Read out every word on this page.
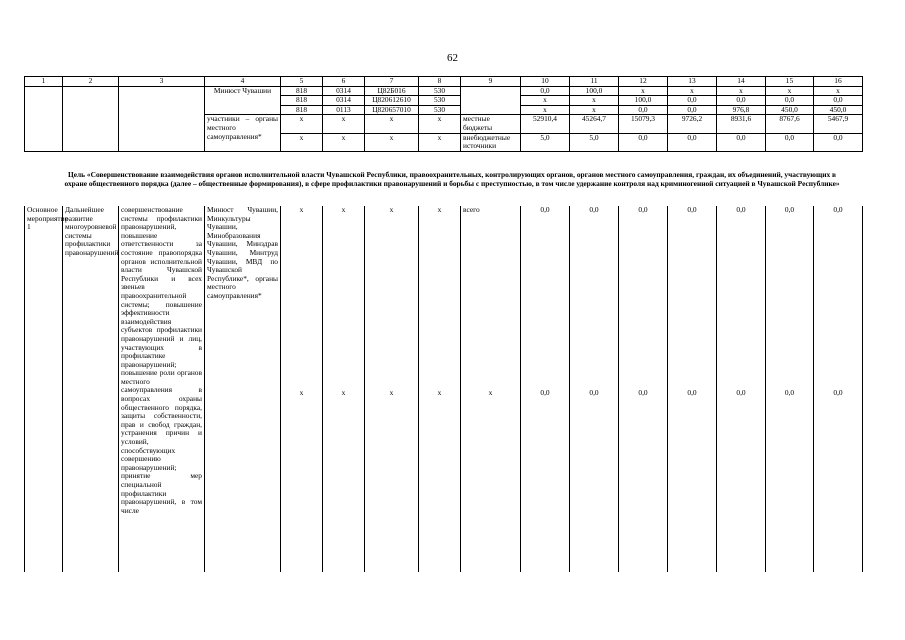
62
1	2	3	4	5	6	7	8	9	10	11	12	13	14	15	16
			Минюст Чувашии	818	0314	Ц82Б016	530		0,0	100,0	x	x	x	x	x
				818	0314	Ц820612610	530		x	x	100,0	0,0	0,0	0,0	0,0
				818	0113	Ц820657010	530		x	x	0,0	0,0	976,8	450,0	450,0
			участники – органы местного самоуправления*	x	x	x	x	местные бюджеты	52910,4	45264,7	15079,3	9726,2	8931,6	8767,6	5467,9
				x	x	x	x	внебюджетные источники	5,0	5,0	0,0	0,0	0,0	0,0	0,0
Цель «Совершенствование взаимодействия органов исполнительной власти Чувашской Республики, правоохранительных, контролирующих органов, органов местного самоуправления, граждан, их объединений, участвующих в охране общественного порядка (далее – общественные формирования), в сфере профилактики правонарушений и борьбы с преступностью, в том числе удержание контроля над криминогенной ситуацией в Чувашской Республике»
Основное мероприятие 1	Дальнейшее развитие многоуровневой системы профилактики правонарушений	совершенствование системы профилактики правонарушений, повышение ответственности за состояние правопорядка органов исполнительной власти Чувашской Республики и всех звеньев правоохранительной системы; повышение эффективности взаимодействия субъектов профилактики правонарушений и лиц, участвующих в профилактике правонарушений; повышение роли органов местного самоуправления в вопросах охраны общественного порядка, защиты собственности, прав и свобод граждан, устранения причин и условий, способствующих совершению правонарушений; принятие мер специальной профилактики правонарушений, в том числе	Минюст Чувашии, Минкультуры Чувашии, Минобразования Чувашии, Минздрав Чувашии, Минтруд Чувашии, МВД по Чувашской Республике*, органы местного самоуправления*	x	x	x	x	всего	0,0	0,0	0,0	0,0	0,0	0,0	0,0
				x	x	x	x	x	0,0	0,0	0,0	0,0	0,0	0,0	0,0
